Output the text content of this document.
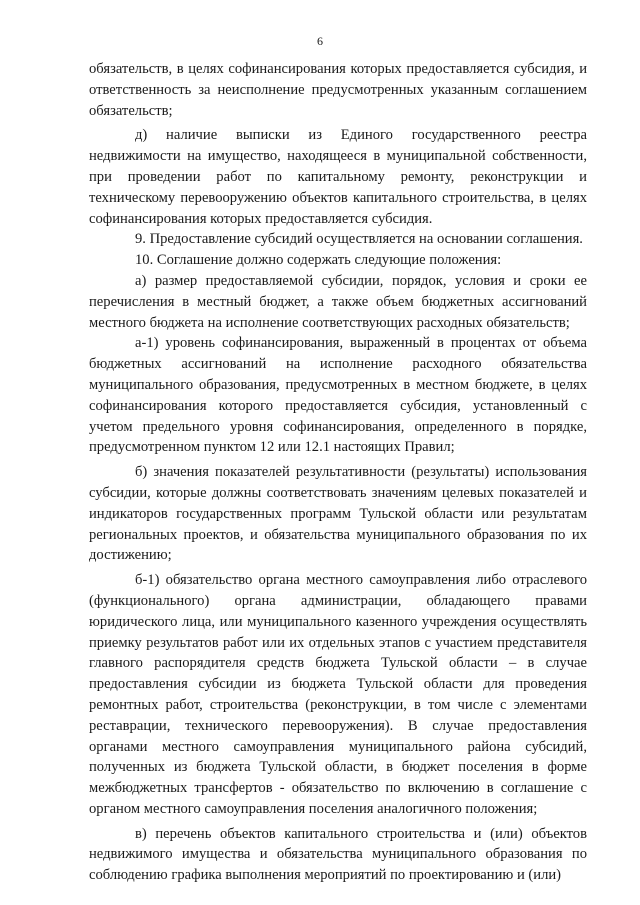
6

обязательств, в целях софинансирования которых предоставляется субсидия, и ответственность за неисполнение предусмотренных указанным соглашением обязательств;

д) наличие выписки из Единого государственного реестра недвижимости на имущество, находящееся в муниципальной собственности, при проведении работ по капитальному ремонту, реконструкции и техническому перевооружению объектов капитального строительства, в целях софинансирования которых предоставляется субсидия.

9. Предоставление субсидий осуществляется на основании соглашения.

10. Соглашение должно содержать следующие положения:

а) размер предоставляемой субсидии, порядок, условия и сроки ее перечисления в местный бюджет, а также объем бюджетных ассигнований местного бюджета на исполнение соответствующих расходных обязательств;

а-1) уровень софинансирования, выраженный в процентах от объема бюджетных ассигнований на исполнение расходного обязательства муниципального образования, предусмотренных в местном бюджете, в целях софинансирования которого предоставляется субсидия, установленный с учетом предельного уровня софинансирования, определенного в порядке, предусмотренном пунктом 12 или 12.1 настоящих Правил;

б) значения показателей результативности (результаты) использования субсидии, которые должны соответствовать значениям целевых показателей и индикаторов государственных программ Тульской области или результатам региональных проектов, и обязательства муниципального образования по их достижению;

б-1) обязательство органа местного самоуправления либо отраслевого (функционального) органа администрации, обладающего правами юридического лица, или муниципального казенного учреждения осуществлять приемку результатов работ или их отдельных этапов с участием представителя главного распорядителя средств бюджета Тульской области – в случае предоставления субсидии из бюджета Тульской области для проведения ремонтных работ, строительства (реконструкции, в том числе с элементами реставрации, технического перевооружения). В случае предоставления органами местного самоуправления муниципального района субсидий, полученных из бюджета Тульской области, в бюджет поселения в форме межбюджетных трансфертов - обязательство по включению в соглашение с органом местного самоуправления поселения аналогичного положения;

в) перечень объектов капитального строительства и (или) объектов недвижимого имущества и обязательства муниципального образования по соблюдению графика выполнения мероприятий по проектированию и (или)
